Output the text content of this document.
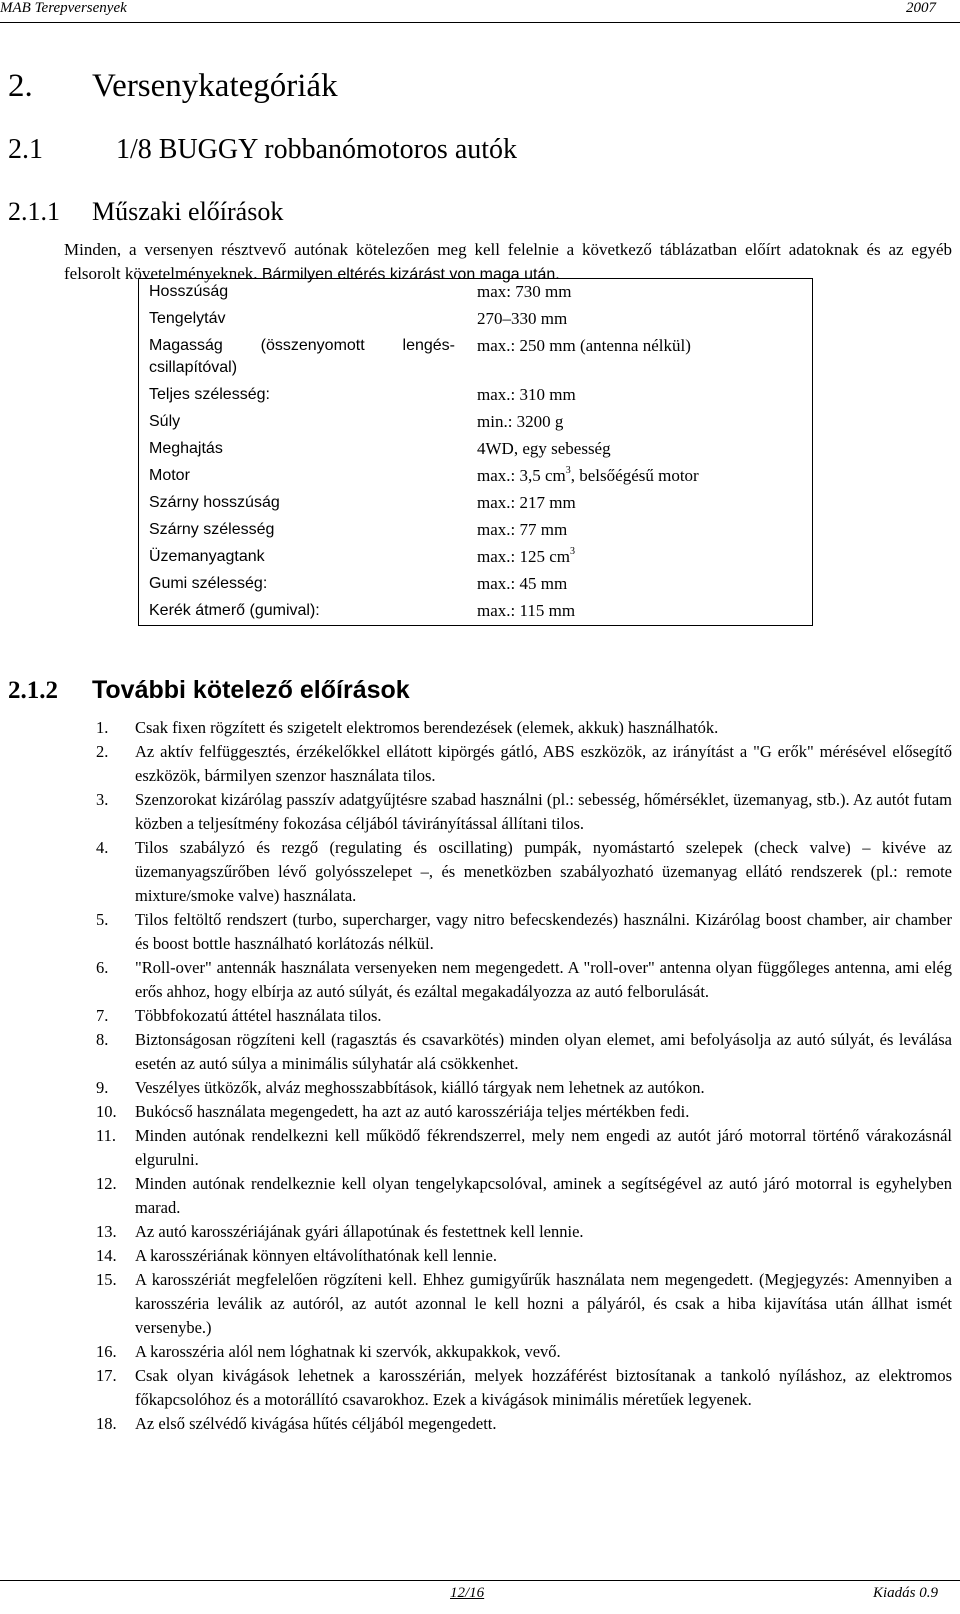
MAB Terepversenyek	2007
2. Versenykategóriák
2.1	1/8 BUGGY robbanómotoros autók
2.1.1 Műszaki előírások

Minden, a versenyen résztvevő autónak kötelezően meg kell felelnie a következő táblázatban előírt adatoknak és az egyéb felsorolt követelményeknek. Bármilyen eltérés kizárást von maga után.

Hosszúság	max: 730 mm
Tengelytáv	270–330 mm
Magasság (összenyomott lengés-csillapítóval)	max.: 250 mm (antenna nélkül)
Teljes szélesség:	max.: 310 mm
Súly	min.: 3200 g
Meghajtás	4WD, egy sebesség
Motor	max.: 3,5 $cm^3$, belsőégésű motor
Szárny hosszúság	max.: 217 mm
Szárny szélesség	max.: 77 mm
Üzemanyagtank	max.: 125 $cm^3$
Gumi szélesség:	max.: 45 mm
Kerék átmerő (gumival):	max.: 115 mm
2.1.2 További kötelező előírások
1. Csak fixen rögzített és szigetelt elektromos berendezések (elemek, akkuk) használhatók.
2. Az aktív felfüggesztés, érzékelőkkel ellátott kipörgés gátló, ABS eszközök, az irányítást a "G erők" mérésével elősegítő eszközök, bármilyen szenzor használata tilos.
3. Szenzorokat kizárólag passzív adatgyűjtésre szabad használni (pl.: sebesség, hőmérséklet, üzemanyag, stb.). Az autót futam közben a teljesítmény fokozása céljából távirányítással állítani tilos.
4. Tilos szabályzó és rezgő (regulating és oscillating) pumpák, nyomástartó szelepek (check valve) – kivéve az üzemanyagszűrőben lévő golyósszelepet –, és menetközben szabályozható üzemanyag ellátó rendszerek (pl.: remote mixture/smoke valve) használata.
5. Tilos feltöltő rendszert (turbo, supercharger, vagy nitro befecskendezés) használni. Kizárólag boost chamber, air chamber és boost bottle használható korlátozás nélkül.
6. "Roll-over" antennák használata versenyeken nem megengedett. A "roll-over" antenna olyan függőleges antenna, ami elég erős ahhoz, hogy elbírja az autó súlyát, és ezáltal megakadályozza az autó felborulását.
7. Többfokozatú áttétel használata tilos.
8. Biztonságosan rögzíteni kell (ragasztás és csavarkötés) minden olyan elemet, ami befolyásolja az autó súlyát, és leválása esetén az autó súlya a minimális súlyhatár alá csökkenhet.
9. Veszélyes ütközők, alváz meghosszabbítások, kiálló tárgyak nem lehetnek az autókon.
10. Bukócső használata megengedett, ha azt az autó karosszériája teljes mértékben fedi.
11. Minden autónak rendelkezni kell működő fékrendszerrel, mely nem engedi az autót járó motorral történő várakozásnál elgurulni.
12. Minden autónak rendelkeznie kell olyan tengelykapcsolóval, aminek a segítségével az autó járó motorral is egyhelyben marad.
13. Az autó karosszériájának gyári állapotúnak és festettnek kell lennie.
14. A karosszériának könnyen eltávolíthatónak kell lennie.
15. A karosszériát megfelelően rögzíteni kell. Ehhez gumigyűrűk használata nem megengedett. (Megjegyzés: Amennyiben a karosszéria leválik az autóról, az autót azonnal le kell hozni a pályáról, és csak a hiba kijavítása után állhat ismét versenybe.)
16. A karosszéria alól nem lóghatnak ki szervók, akkupakkok, vevő.
17. Csak olyan kivágások lehetnek a karosszérián, melyek hozzáférést biztosítanak a tankoló nyíláshoz, az elektromos főkapcsolóhoz és a motorállító csavarokhoz. Ezek a kivágások minimális méretűek legyenek.
18. Az első szélvédő kivágása hűtés céljából megengedett.
12/16	Kiadás 0.9
